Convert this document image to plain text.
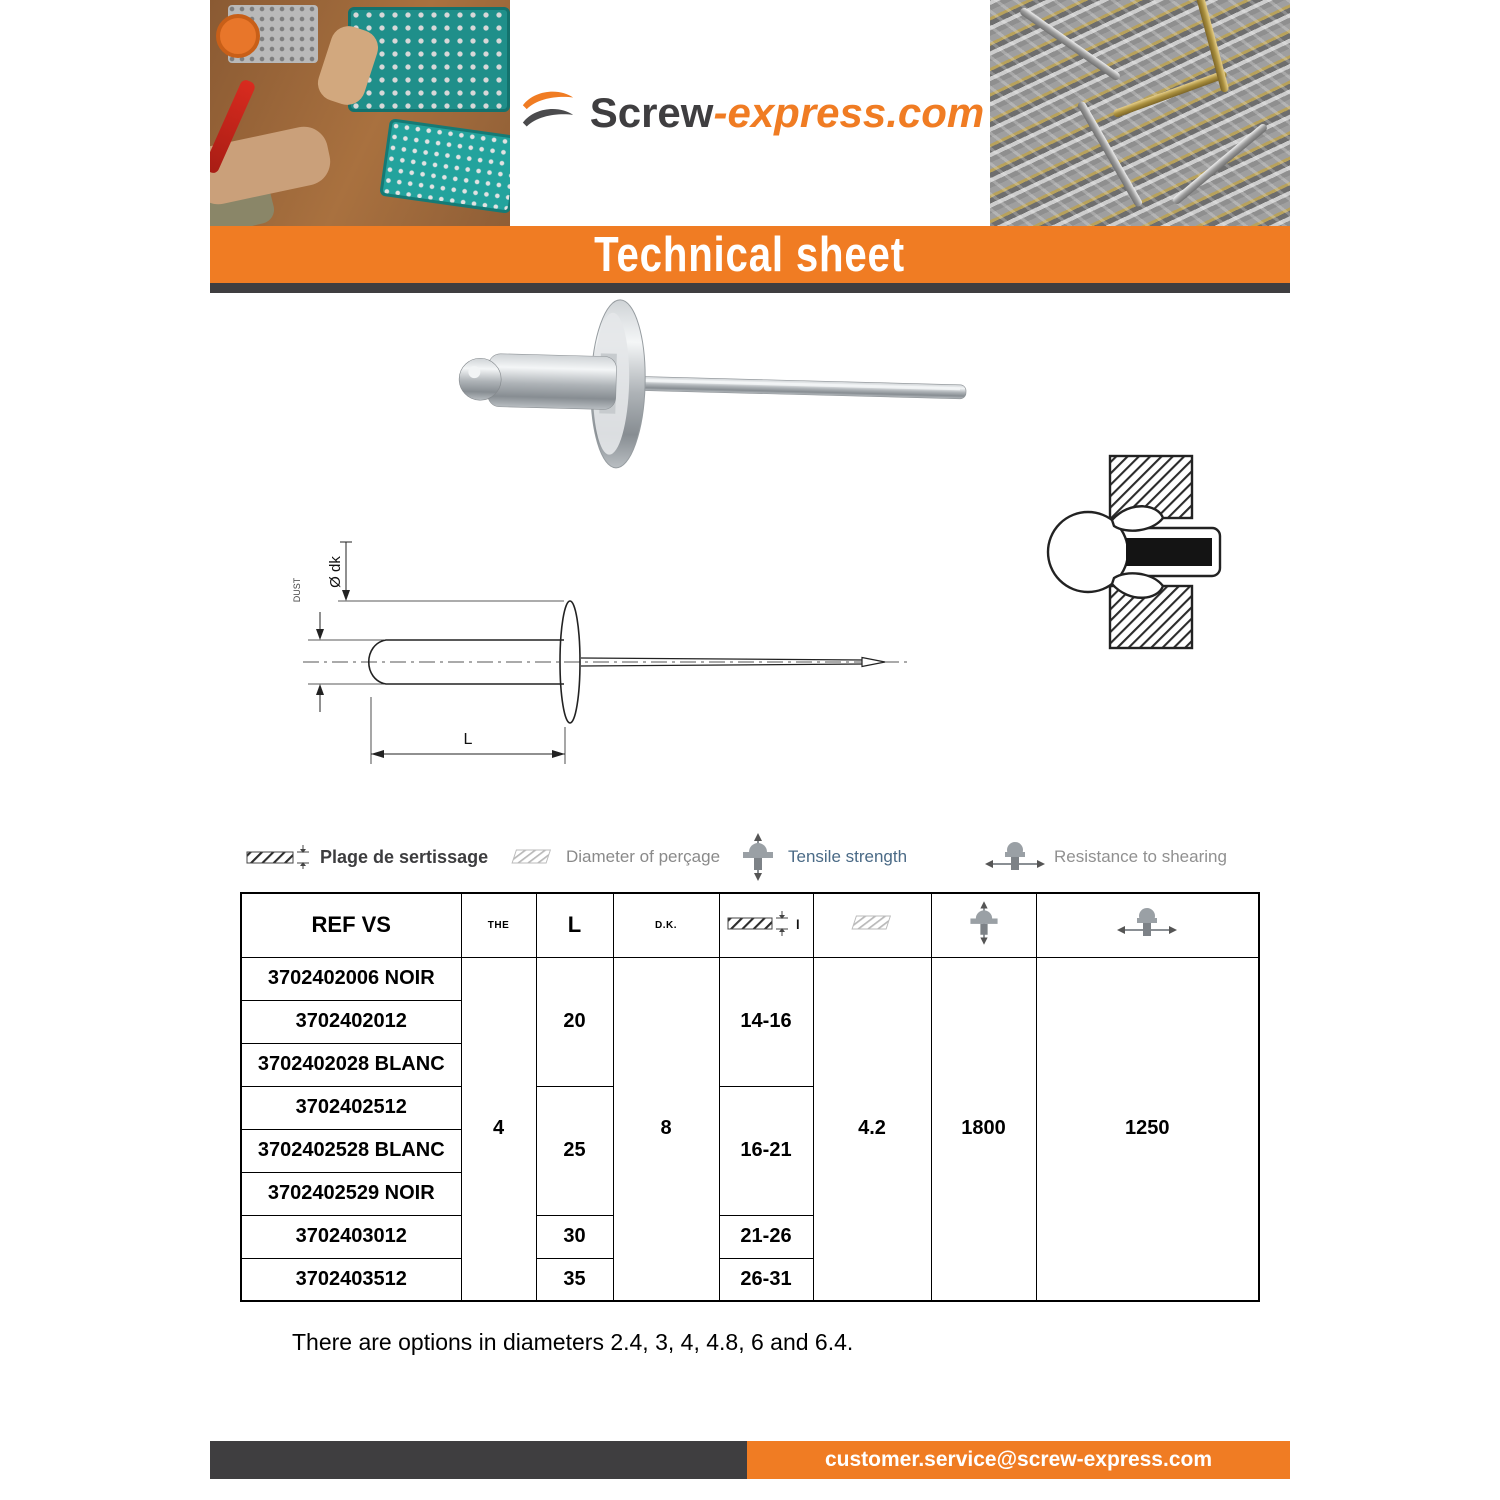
Screw-express.com
Technical sheet
Ø dk
DUST
L
Plage de sertissage	Diameter of perçage	Tensile strength	Resistance to shearing
REF VS	THE	L	D.K.	l

3702402006 NOIR	4	20	8	14-16	4.2	1800	1250
3702402012							
3702402028 BLANC							
3702402512		25		16-21			
3702402528 BLANC							
3702402529 NOIR							
3702403012		30		21-26			
3702403512		35		26-31			

There are options in diameters 2.4, 3, 4, 4.8, 6 and 6.4.

customer.service@screw-express.com
